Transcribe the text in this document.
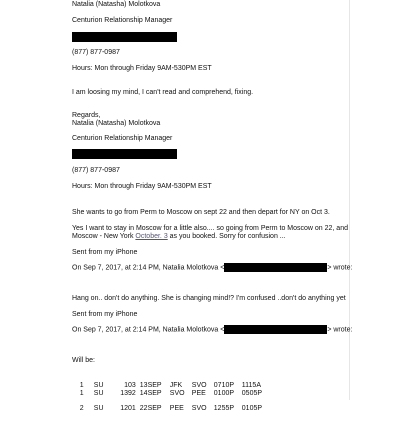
Natalia (Natasha) Molotkova
Centurion Relationship Manager
(877) 877-0987
Hours: Mon through Friday 9AM-530PM EST
I am loosing my mind, I can't read and comprehend, fixing.
Regards,
Natalia (Natasha) Molotkova
Centurion Relationship Manager
(877) 877-0987
Hours: Mon through Friday 9AM-530PM EST
She wants to go from Perm to Moscow on sept 22 and then depart for NY on Oct 3.
Yes I want to stay in Moscow for a little also.... so going from Perm to Moscow on 22, and
Moscow - New York October. 3 as you booked. Sorry for confusion ...
Sent from my iPhone
On Sep 7, 2017, at 2:14 PM, Natalia Molotkova <	> wrote:
Hang on.. don't do anything. She is changing mind!? I'm confused ..don't do anything yet
Sent from my iPhone
On Sep 7, 2017, at 2:14 PM, Natalia Molotkova <	> wrote:
Will be:

1 SU	103 13SEP JFK SVO 0710P 1115A

1 SU 1392 14SEP SVO PEE 0100P 0505P

2 SU 1201 22SEP PEE SVO 1255P 0105P
